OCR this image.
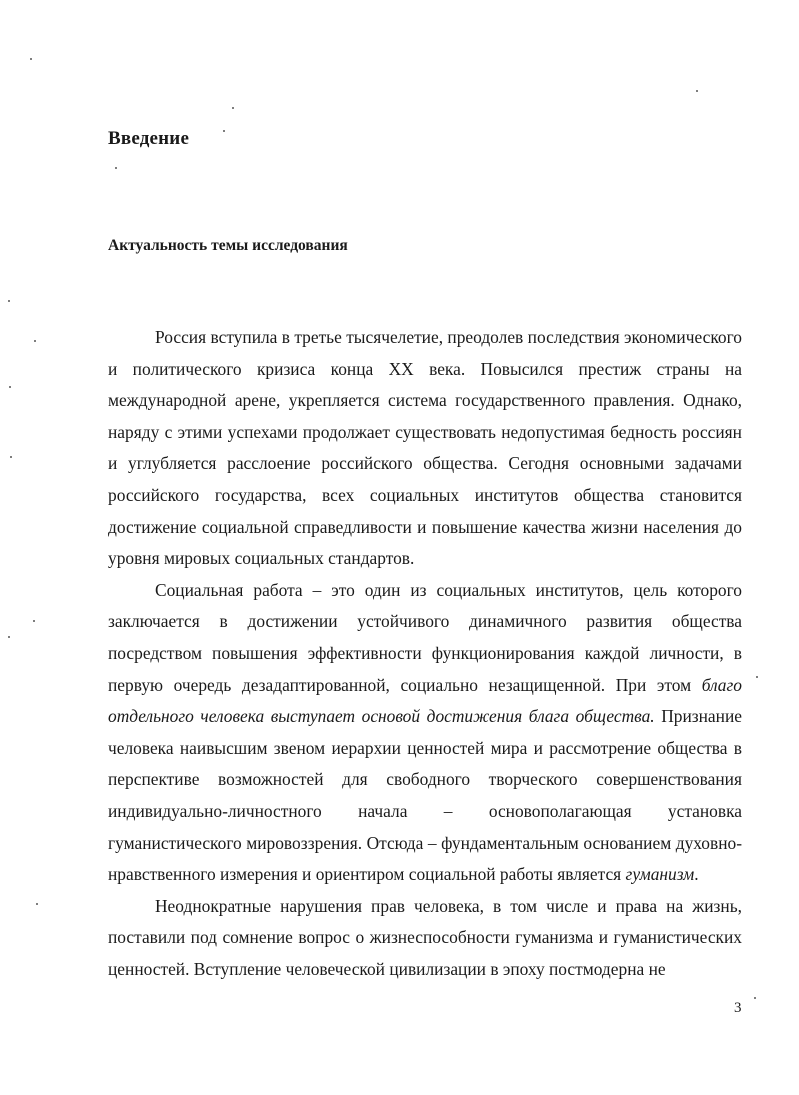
Введение
Актуальность темы исследования

Россия вступила в третье тысячелетие, преодолев последствия экономического и политического кризиса конца XX века. Повысился престиж страны на международной арене, укрепляется система государственного правления. Однако, наряду с этими успехами продолжает существовать недопустимая бедность россиян и углубляется расслоение российского общества. Сегодня основными задачами российского государства, всех социальных институтов общества становится достижение социальной справедливости и повышение качества жизни населения до уровня мировых социальных стандартов.

Социальная работа – это один из социальных институтов, цель которого заключается в достижении устойчивого динамичного развития общества посредством повышения эффективности функционирования каждой личности, в первую очередь дезадаптированной, социально незащищенной. При этом благо отдельного человека выступает основой достижения блага общества. Признание человека наивысшим звеном иерархии ценностей мира и рассмотрение общества в перспективе возможностей для свободного творческого совершенствования индивидуально-личностного начала – основополагающая установка гуманистического мировоззрения. Отсюда – фундаментальным основанием духовно-нравственного измерения и ориентиром социальной работы является гуманизм.

Неоднократные нарушения прав человека, в том числе и права на жизнь, поставили под сомнение вопрос о жизнеспособности гуманизма и гуманистических ценностей. Вступление человеческой цивилизации в эпоху постмодерна не

3
